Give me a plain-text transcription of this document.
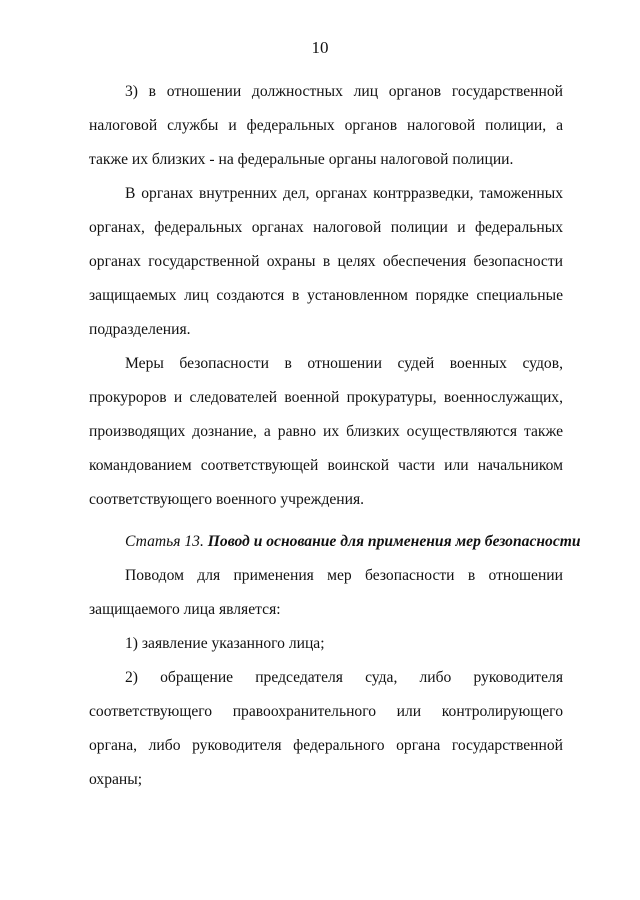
10
3) в отношении должностных лиц органов государственной
налоговой службы и федеральных органов налоговой полиции, а
также их близких - на федеральные органы налоговой полиции.
В органах внутренних дел, органах контрразведки, таможенных
органах, федеральных органах налоговой полиции и федеральных
органах государственной охраны в целях обеспечения безопасности
защищаемых лиц создаются в установленном порядке специальные
подразделения.
Меры безопасности в отношении судей военных судов,
прокуроров и следователей военной прокуратуры, военнослужащих,
производящих дознание, а равно их близких осуществляются также
командованием соответствующей воинской части или начальником
соответствующего военного учреждения.
Статья 13. Повод и основание для применения мер безопасности
Поводом для применения мер безопасности в отношении
защищаемого лица является:
1) заявление указанного лица;
2) обращение председателя суда, либо руководителя
соответствующего правоохранительного или контролирующего
органа, либо руководителя федерального органа государственной
охраны;
